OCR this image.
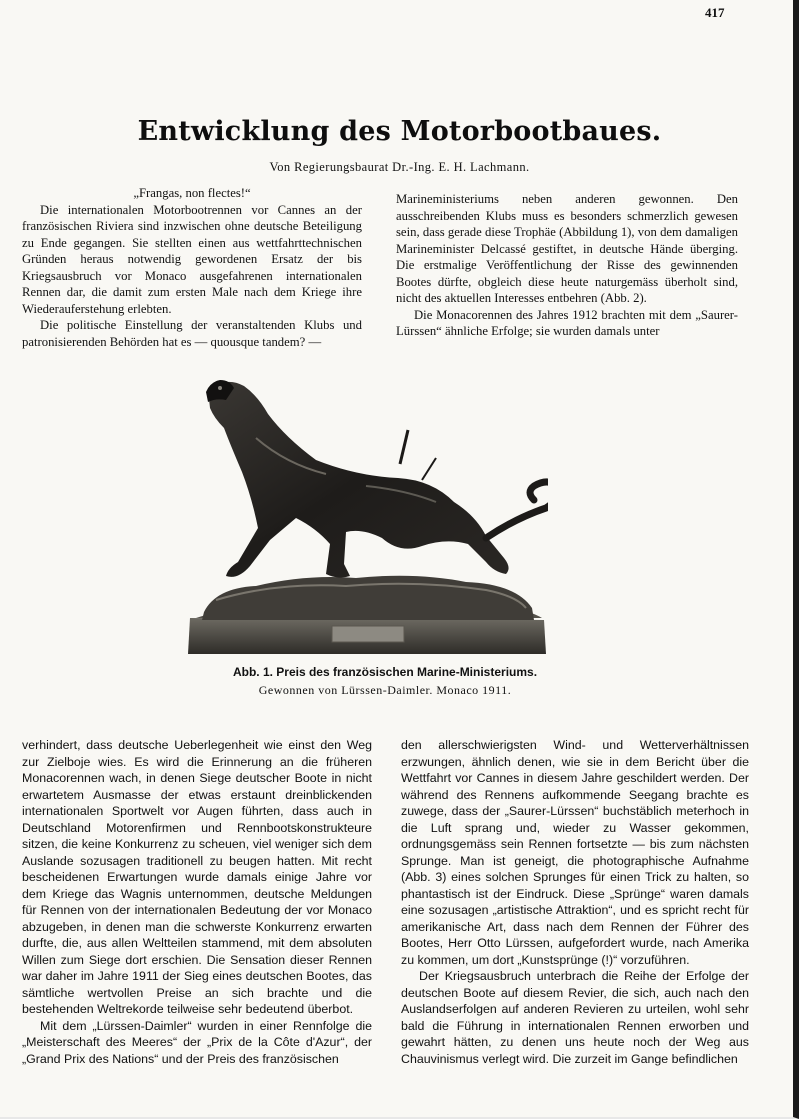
417
Entwicklung des Motorbootbaues.
Von Regierungsbaurat Dr.-Ing. E. H. Lachmann.

„Frangas, non flectes!“

Die internationalen Motorbootrennen vor Cannes an der französischen Riviera sind inzwischen ohne deutsche Beteiligung zu Ende gegangen. Sie stellten einen aus wettfahrttechnischen Gründen heraus notwendig gewordenen Ersatz der bis Kriegsausbruch vor Monaco ausgefahrenen internationalen Rennen dar, die damit zum ersten Male nach dem Kriege ihre Wiederauferstehung erlebten.

Die politische Einstellung der veranstaltenden Klubs und patronisierenden Behörden hat es — quousque tandem? —

Marineministeriums neben anderen gewonnen. Den ausschreibenden Klubs muss es besonders schmerzlich gewesen sein, dass gerade diese Trophäe (Abbildung 1), von dem damaligen Marineminister Delcassé gestiftet, in deutsche Hände überging. Die erstmalige Veröffentlichung der Risse des gewinnenden Bootes dürfte, obgleich diese heute naturgemäss überholt sind, nicht des aktuellen Interesses entbehren (Abb. 2).

Die Monacorennen des Jahres 1912 brachten mit dem „Saurer-Lürssen“ ähnliche Erfolge; sie wurden damals unter

Abb. 1. Preis des französischen Marine-Ministeriums.
Gewonnen von Lürssen-Daimler. Monaco 1911.

verhindert, dass deutsche Ueberlegenheit wie einst den Weg zur Zielboje wies. Es wird die Erinnerung an die früheren Monacorennen wach, in denen Siege deutscher Boote in nicht erwartetem Ausmasse der etwas erstaunt dreinblickenden internationalen Sportwelt vor Augen führten, dass auch in Deutschland Motorenfirmen und Rennbootskonstrukteure sitzen, die keine Konkurrenz zu scheuen, viel weniger sich dem Auslande sozusagen traditionell zu beugen hatten. Mit recht bescheidenen Erwartungen wurde damals einige Jahre vor dem Kriege das Wagnis unternommen, deutsche Meldungen für Rennen von der internationalen Bedeutung der vor Monaco abzugeben, in denen man die schwerste Konkurrenz erwarten durfte, die, aus allen Weltteilen stammend, mit dem absoluten Willen zum Siege dort erschien. Die Sensation dieser Rennen war daher im Jahre 1911 der Sieg eines deutschen Bootes, das sämtliche wertvollen Preise an sich brachte und die bestehenden Weltrekorde teilweise sehr bedeutend überbot.

Mit dem „Lürssen-Daimler“ wurden in einer Rennfolge die „Meisterschaft des Meeres“ der „Prix de la Côte d'Azur“, der „Grand Prix des Nations“ und der Preis des französischen

den allerschwierigsten Wind- und Wetterverhältnissen erzwungen, ähnlich denen, wie sie in dem Bericht über die Wettfahrt vor Cannes in diesem Jahre geschildert werden. Der während des Rennens aufkommende Seegang brachte es zuwege, dass der „Saurer-Lürssen“ buchstäblich meterhoch in die Luft sprang und, wieder zu Wasser gekommen, ordnungsgemäss sein Rennen fortsetzte — bis zum nächsten Sprunge. Man ist geneigt, die photographische Aufnahme (Abb. 3) eines solchen Sprunges für einen Trick zu halten, so phantastisch ist der Eindruck. Diese „Sprünge“ waren damals eine sozusagen „artistische Attraktion“, und es spricht recht für amerikanische Art, dass nach dem Rennen der Führer des Bootes, Herr Otto Lürssen, aufgefordert wurde, nach Amerika zu kommen, um dort „Kunstsprünge (!)“ vorzuführen.

Der Kriegsausbruch unterbrach die Reihe der Erfolge der deutschen Boote auf diesem Revier, die sich, auch nach den Auslandserfolgen auf anderen Revieren zu urteilen, wohl sehr bald die Führung in internationalen Rennen erworben und gewahrt hätten, zu denen uns heute noch der Weg aus Chauvinismus verlegt wird. Die zurzeit im Gange befindlichen
